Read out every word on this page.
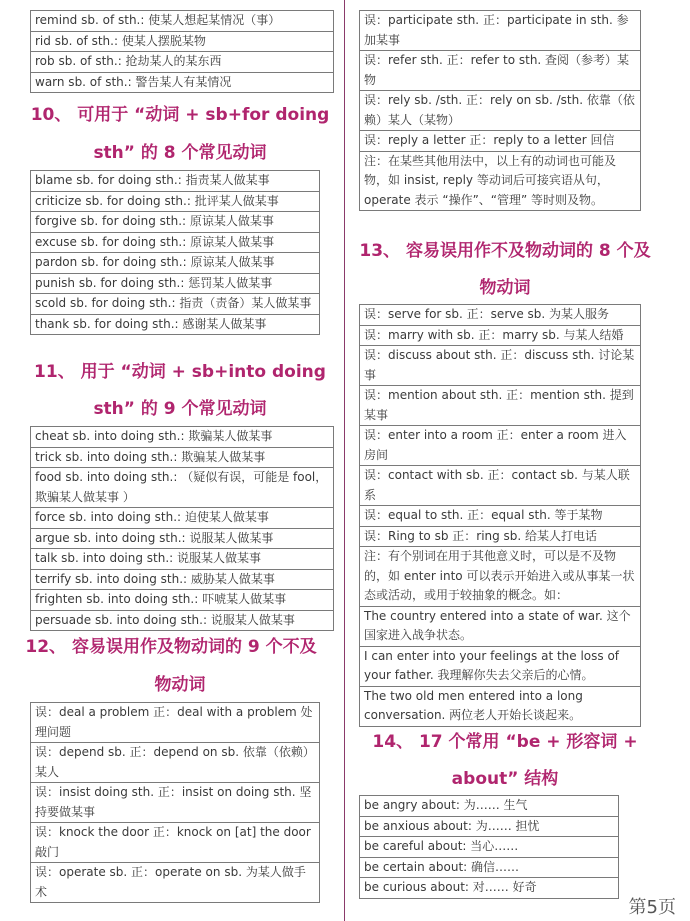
remind sb. of sth.: 使某人想起某情况（事）
rid sb. of sth.: 使某人摆脱某物
rob sb. of sth.: 抢劫某人的某东西
warn sb. of sth.: 警告某人有某情况
10、 可用于 “动词 + sb+for doing
sth” 的 8 个常见动词
blame sb. for doing sth.: 指责某人做某事
criticize sb. for doing sth.: 批评某人做某事
forgive sb. for doing sth.: 原谅某人做某事
excuse sb. for doing sth.: 原谅某人做某事
pardon sb. for doing sth.: 原谅某人做某事
punish sb. for doing sth.: 惩罚某人做某事
scold sb. for doing sth.: 指责（责备）某人做某事
thank sb. for doing sth.: 感谢某人做某事
11、 用于 “动词 + sb+into doing
sth” 的 9 个常见动词
cheat sb. into doing sth.: 欺骗某人做某事
trick sb. into doing sth.: 欺骗某人做某事
food sb. into doing sth.: （疑似有误，可能是 fool，欺骗某人做某事 ）
force sb. into doing sth.: 迫使某人做某事
argue sb. into doing sth.: 说服某人做某事
talk sb. into doing sth.: 说服某人做某事
terrify sb. into doing sth.: 威胁某人做某事
frighten sb. into doing sth.: 吓唬某人做某事
persuade sb. into doing sth.: 说服某人做某事
12、 容易误用作及物动词的 9 个不及
物动词
误：deal a problem 正：deal with a problem 处理问题
误：depend sb. 正：depend on sb. 依靠（依赖）某人
误：insist doing sth. 正：insist on doing sth. 坚持要做某事
误：knock the door 正：knock on [at] the door 敲门
误：operate sb. 正：operate on sb. 为某人做手术
误：participate sth. 正：participate in sth. 参加某事
误：refer sth. 正：refer to sth. 查阅（参考）某物
误：rely sb. /sth. 正：rely on sb. /sth. 依靠（依赖）某人（某物）
误：reply a letter 正：reply to a letter 回信
注：在某些其他用法中，以上有的动词也可能及物，如 insist, reply 等动词后可接宾语从句，operate 表示 “操作”、“管理” 等时则及物。
13、 容易误用作不及物动词的 8 个及
物动词
误：serve for sb. 正：serve sb. 为某人服务
误：marry with sb. 正：marry sb. 与某人结婚
误：discuss about sth. 正：discuss sth. 讨论某事
误：mention about sth. 正：mention sth. 提到某事
误：enter into a room 正：enter a room 进入房间
误：contact with sb. 正：contact sb. 与某人联系
误：equal to sth. 正：equal sth. 等于某物
误：Ring to sb 正：ring sb. 给某人打电话
注：有个别词在用于其他意义时，可以是不及物的，如 enter into 可以表示开始进入或从事某一状态或活动，或用于较抽象的概念。如：
The country entered into a state of war. 这个国家进入战争状态。
I can enter into your feelings at the loss of your father. 我理解你失去父亲后的心情。
The two old men entered into a long conversation. 两位老人开始长谈起来。
14、 17 个常用 “be + 形容词 +
about” 结构
be angry about: 为…… 生气
be anxious about: 为…… 担忧
be careful about: 当心……
be certain about: 确信……
be curious about: 对…… 好奇
第5页
